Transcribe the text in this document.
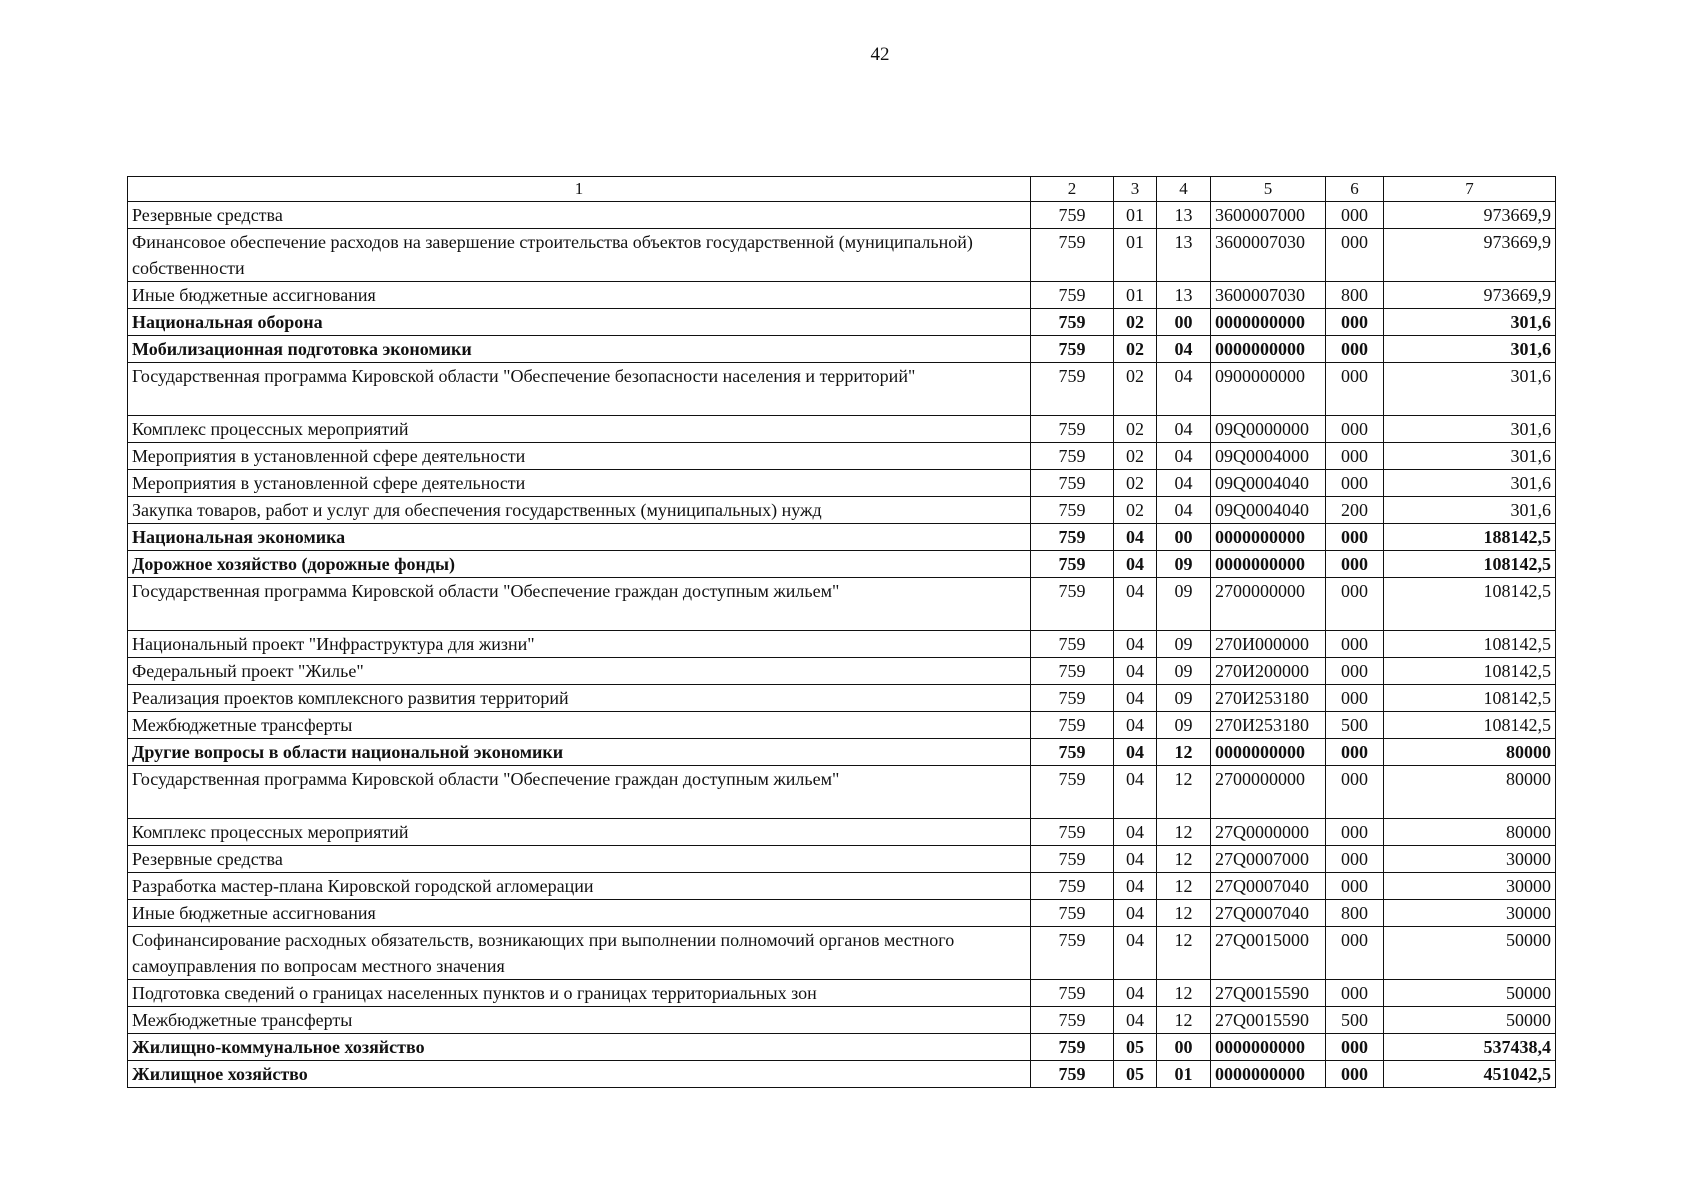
42
1	2	3	4	5	6	7
Резервные средства	759	01	13	3600007000	000	973669,9
Финансовое обеспечение расходов на завершение строительства объектов государственной (муниципальной) собственности	759	01	13	3600007030	000	973669,9
Иные бюджетные ассигнования	759	01	13	3600007030	800	973669,9
Национальная оборона	759	02	00	0000000000	000	301,6
Мобилизационная подготовка экономики	759	02	04	0000000000	000	301,6
Государственная программа Кировской области "Обеспечение безопасности населения и территорий"	759	02	04	0900000000	000	301,6
Комплекс процессных мероприятий	759	02	04	09Q0000000	000	301,6
Мероприятия в установленной сфере деятельности	759	02	04	09Q0004000	000	301,6
Мероприятия в установленной сфере деятельности	759	02	04	09Q0004040	000	301,6
Закупка товаров, работ и услуг для обеспечения государственных (муниципальных) нужд	759	02	04	09Q0004040	200	301,6
Национальная экономика	759	04	00	0000000000	000	188142,5
Дорожное хозяйство (дорожные фонды)	759	04	09	0000000000	000	108142,5
Государственная программа Кировской области "Обеспечение граждан доступным жильем"	759	04	09	2700000000	000	108142,5
Национальный проект "Инфраструктура для жизни"	759	04	09	270И000000	000	108142,5
Федеральный проект "Жилье"	759	04	09	270И200000	000	108142,5
Реализация проектов комплексного развития территорий	759	04	09	270И253180	000	108142,5
Межбюджетные трансферты	759	04	09	270И253180	500	108142,5
Другие вопросы в области национальной экономики	759	04	12	0000000000	000	80000
Государственная программа Кировской области "Обеспечение граждан доступным жильем"	759	04	12	2700000000	000	80000
Комплекс процессных мероприятий	759	04	12	27Q0000000	000	80000
Резервные средства	759	04	12	27Q0007000	000	30000
Разработка мастер-плана Кировской городской агломерации	759	04	12	27Q0007040	000	30000
Иные бюджетные ассигнования	759	04	12	27Q0007040	800	30000
Софинансирование расходных обязательств, возникающих при выполнении полномочий органов местного самоуправления по вопросам местного значения	759	04	12	27Q0015000	000	50000
Подготовка сведений о границах населенных пунктов и о границах территориальных зон	759	04	12	27Q0015590	000	50000
Межбюджетные трансферты	759	04	12	27Q0015590	500	50000
Жилищно-коммунальное хозяйство	759	05	00	0000000000	000	537438,4
Жилищное хозяйство	759	05	01	0000000000	000	451042,5
